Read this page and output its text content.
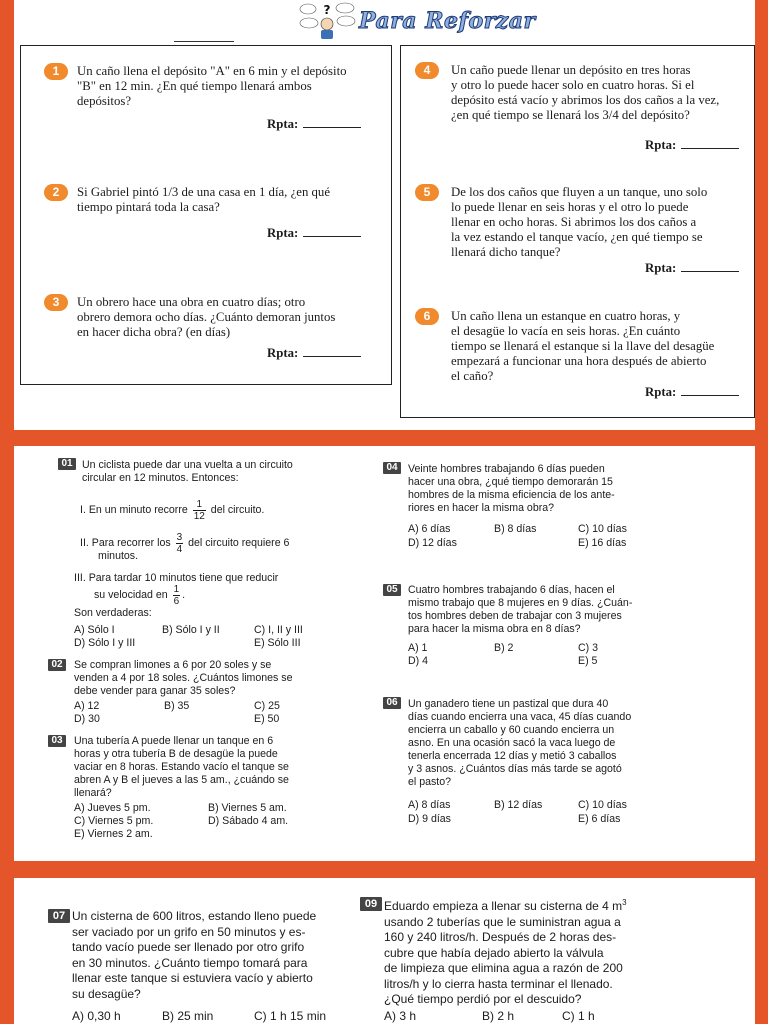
? Para Reforzar
1	Un caño llena el depósito "A" en 6 min y el depósito
"B" en 12 min. ¿En qué tiempo llenará ambos
depósitos?
Rpta:
2	Si Gabriel pintó 1/3 de una casa en 1 día, ¿en qué
tiempo pintará toda la casa?
Rpta:
3	Un obrero hace una obra en cuatro días; otro
obrero demora ocho días. ¿Cuánto demoran juntos
en hacer dicha obra? (en días)
Rpta:
4	Un caño puede llenar un depósito en tres horas
y otro lo puede hacer solo en cuatro horas. Si el
depósito está vacío y abrimos los dos caños a la vez,
¿en qué tiempo se llenará los 3/4 del depósito?
Rpta:
5	De los dos caños que fluyen a un tanque, uno solo
lo puede llenar en seis horas y el otro lo puede
llenar en ocho horas. Si abrimos los dos caños a
la vez estando el tanque vacío, ¿en qué tiempo se
llenará dicho tanque?
Rpta:
6	Un caño llena un estanque en cuatro horas, y
el desagüe lo vacía en seis horas. ¿En cuánto
tiempo se llenará el estanque si la llave del desagüe
empezará a funcionar una hora después de abierto
el caño?
Rpta:
01 Un ciclista puede dar una vuelta a un circuito
circular en 12 minutos. Entonces:
I. En un minuto recorre $\frac{1}{12}$ del circuito.
II. Para recorrer los $\frac{3}{4}$ del circuito requiere 6
minutos.
III. Para tardar 10 minutos tiene que reducir
su velocidad en $\frac{1}{6}$ .
Son verdaderas:
A) Sólo I	B) Sólo I y II	C) I, II y III
D) Sólo I y III	E) Sólo III
02	Se compran limones a 6 por 20 soles y se
venden a 4 por 18 soles. ¿Cuántos limones se
debe vender para ganar 35 soles?
A) 12	B) 35	C) 25
D) 30	E) 50
03	Una tubería A puede llenar un tanque en 6
horas y otra tubería B de desagüe la puede
vaciar en 8 horas. Estando vacío el tanque se
abren A y B el jueves a las 5 am., ¿cuándo se
llenará?
A) Jueves 5 pm.	B) Viernes 5 am.
C) Viernes 5 pm.	D) Sábado 4 am.
E) Viernes 2 am.
04 Veinte hombres trabajando 6 días pueden
hacer una obra, ¿qué tiempo demorarán 15
hombres de la misma eficiencia de los ante-
riores en hacer la misma obra?
A) 6 días	B) 8 días	C) 10 días
D) 12 días	E) 16 días
05 Cuatro hombres trabajando 6 días, hacen el
mismo trabajo que 8 mujeres en 9 días. ¿Cuán-
tos hombres deben de trabajar con 3 mujeres
para hacer la misma obra en 8 días?
A) 1	B) 2	C) 3
D) 4	E) 5
06 Un ganadero tiene un pastizal que dura 40
días cuando encierra una vaca, 45 días cuando
encierra un caballo y 60 cuando encierra un
asno. En una ocasión sacó la vaca luego de
tenerla encerrada 12 días y metió 3 caballos
y 3 asnos. ¿Cuántos días más tarde se agotó
el pasto?
A) 8 días	B) 12 días	C) 10 días
D) 9 días	E) 6 días
07 Un cisterna de 600 litros, estando lleno puede
ser vaciado por un grifo en 50 minutos y es-
tando vacío puede ser llenado por otro grifo
en 30 minutos. ¿Cuánto tiempo tomará para
llenar este tanque si estuviera vacío y abierto
su desagüe?
A) 0,30 h	B) 25 min	C) 1 h 15 min
09 Eduardo empieza a llenar su cisterna de 4 $m^3$
usando 2 tuberías que le suministran agua a
160 y 240 litros/h. Después de 2 horas des-
cubre que había dejado abierto la válvula
de limpieza que elimina agua a razón de 200
litros/h y lo cierra hasta terminar el llenado.
¿Qué tiempo perdió por el descuido?
A) 3 h	B) 2 h	C) 1 h
